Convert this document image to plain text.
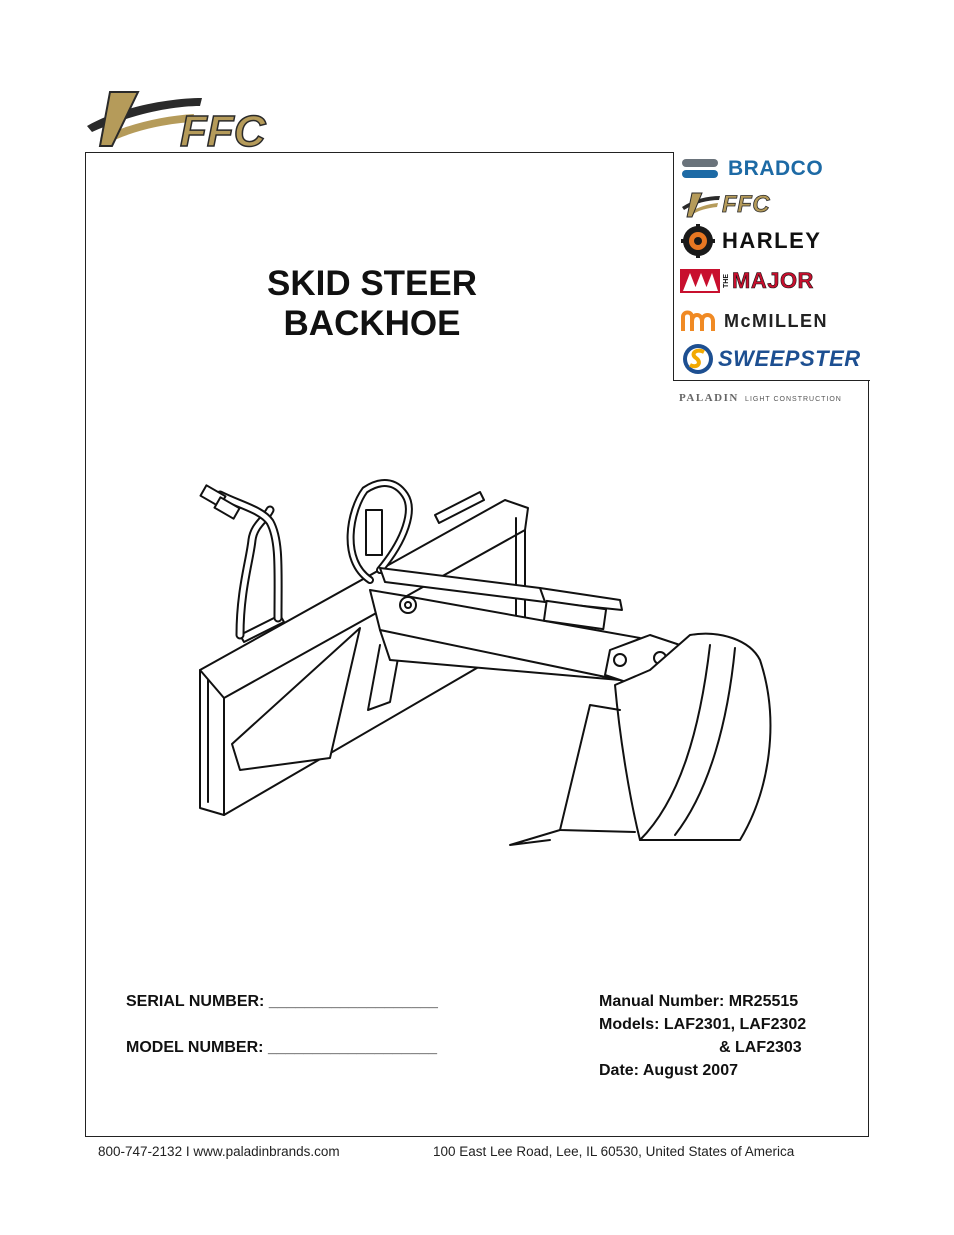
FFC
BRADCO
FFC
HARLEY
THE MAJOR
McMILLEN
SWEEPSTER
PALADIN LIGHT CONSTRUCTION
SKID STEER
BACKHOE
SERIAL NUMBER: ___________________
MODEL NUMBER: ___________________
Manual Number: MR25515
Models: LAF2301, LAF2302
& LAF2303
Date: August 2007
800-747-2132 I www.paladinbrands.com	100 East Lee Road, Lee, IL 60530, United States of America
